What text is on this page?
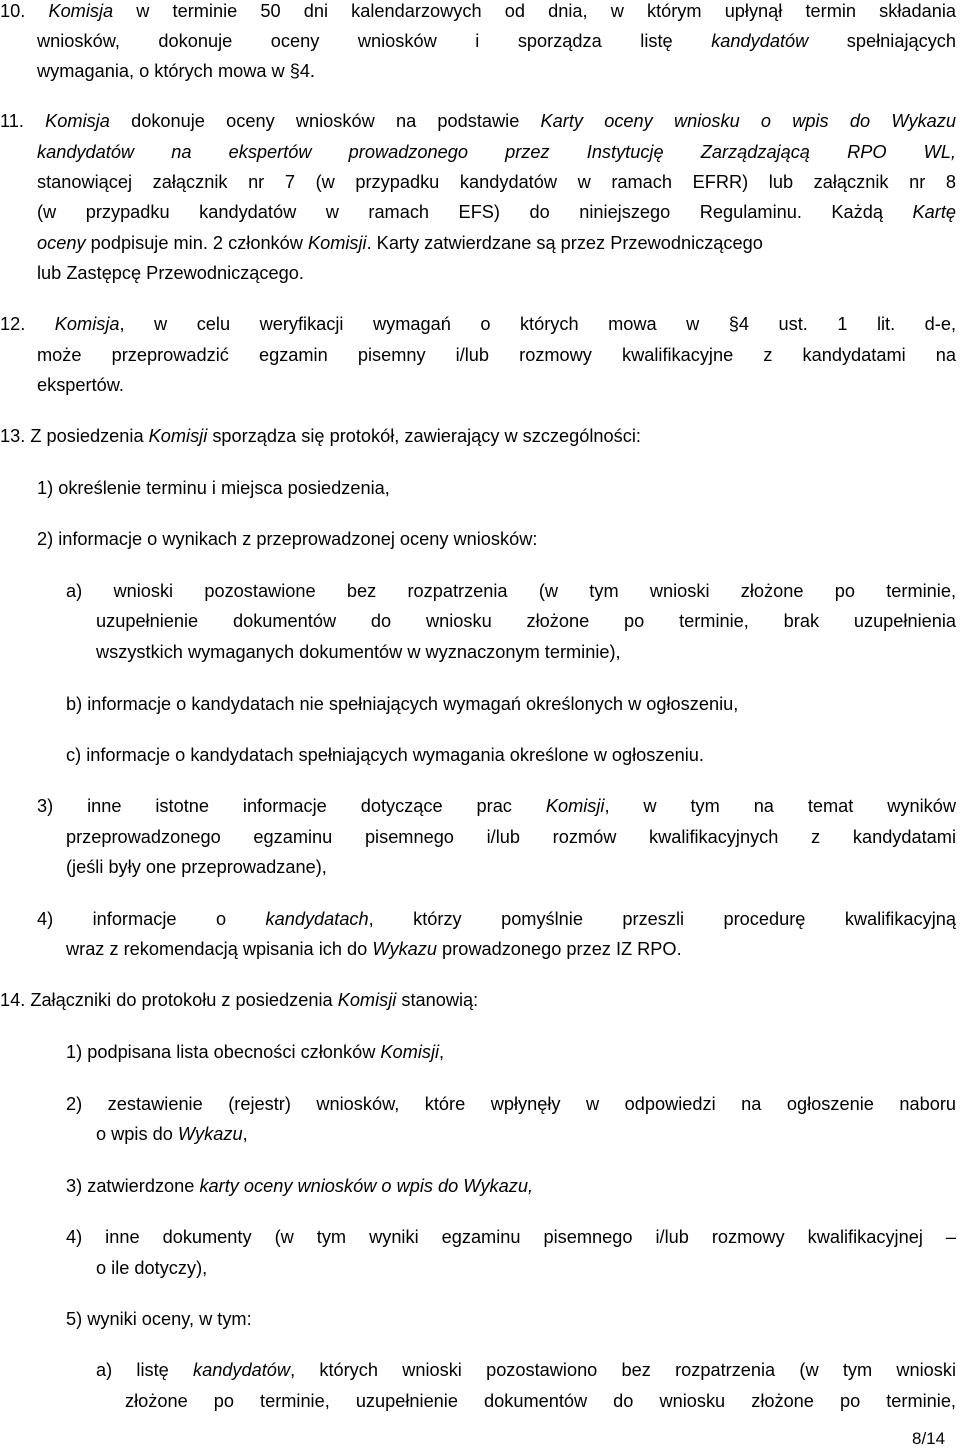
10. Komisja w terminie 50 dni kalendarzowych od dnia, w którym upłynął termin składania
wniosków, dokonuje oceny wniosków i sporządza listę kandydatów spełniających
wymagania, o których mowa w §4.
11. Komisja dokonuje oceny wniosków na podstawie Karty oceny wniosku o wpis do Wykazu
kandydatów na ekspertów prowadzonego przez Instytucję Zarządzającą RPO WL,
stanowiącej załącznik nr 7 (w przypadku kandydatów w ramach EFRR) lub załącznik nr 8
(w przypadku kandydatów w ramach EFS) do niniejszego Regulaminu. Każdą Kartę
oceny podpisuje min. 2 członków Komisji. Karty zatwierdzane są przez Przewodniczącego
lub Zastępcę Przewodniczącego.
12. Komisja, w celu weryfikacji wymagań o których mowa w §4 ust. 1 lit. d-e,
może przeprowadzić egzamin pisemny i/lub rozmowy kwalifikacyjne z kandydatami na
ekspertów.
13. Z posiedzenia Komisji sporządza się protokół, zawierający w szczególności:
1) określenie terminu i miejsca posiedzenia,
2) informacje o wynikach z przeprowadzonej oceny wniosków:
a) wnioski pozostawione bez rozpatrzenia (w tym wnioski złożone po terminie,
uzupełnienie dokumentów do wniosku złożone po terminie, brak uzupełnienia
wszystkich wymaganych dokumentów w wyznaczonym terminie),
b) informacje o kandydatach nie spełniających wymagań określonych w ogłoszeniu,
c) informacje o kandydatach spełniających wymagania określone w ogłoszeniu.
3) inne istotne informacje dotyczące prac Komisji, w tym na temat wyników
przeprowadzonego egzaminu pisemnego i/lub rozmów kwalifikacyjnych z kandydatami
(jeśli były one przeprowadzane),
4) informacje o kandydatach, którzy pomyślnie przeszli procedurę kwalifikacyjną
wraz z rekomendacją wpisania ich do Wykazu prowadzonego przez IZ RPO.
14. Załączniki do protokołu z posiedzenia Komisji stanowią:
1) podpisana lista obecności członków Komisji,
2) zestawienie (rejestr) wniosków, które wpłynęły w odpowiedzi na ogłoszenie naboru
o wpis do Wykazu,
3) zatwierdzone karty oceny wniosków o wpis do Wykazu,
4) inne dokumenty (w tym wyniki egzaminu pisemnego i/lub rozmowy kwalifikacyjnej –
o ile dotyczy),
5) wyniki oceny, w tym:
a) listę kandydatów, których wnioski pozostawiono bez rozpatrzenia (w tym wnioski
złożone po terminie, uzupełnienie dokumentów do wniosku złożone po terminie,
8/14
